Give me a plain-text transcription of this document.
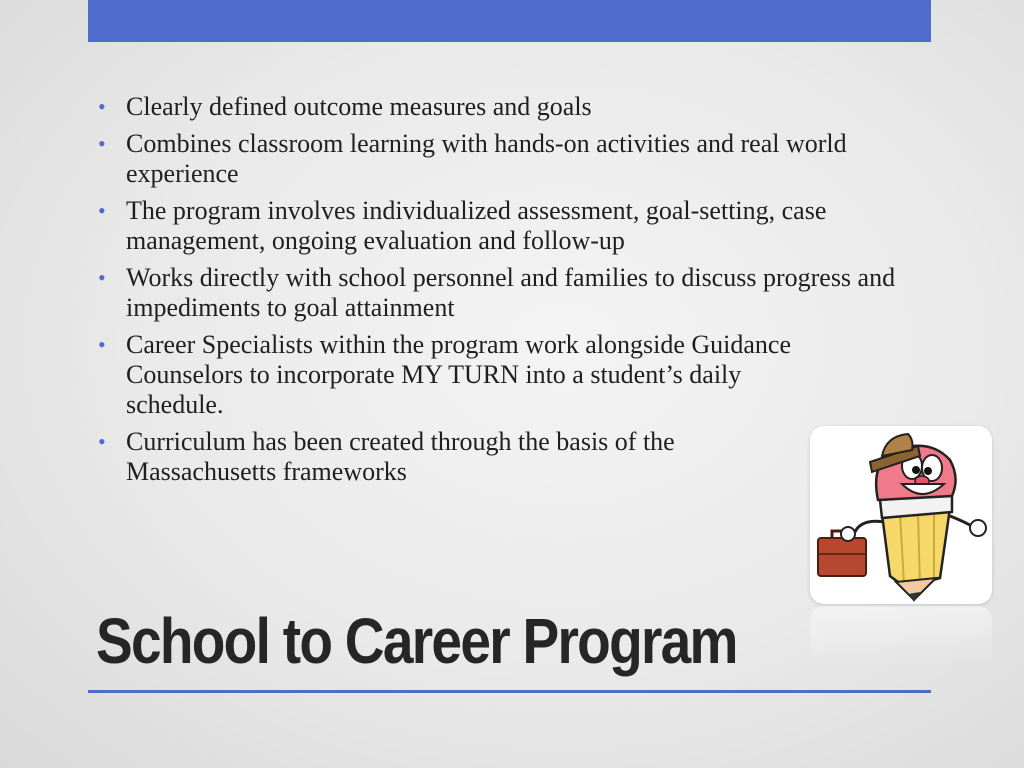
• Clearly defined outcome measures and goals
• Combines classroom learning with hands-on activities and real world experience
• The program involves individualized assessment, goal-setting, case management, ongoing evaluation and follow-up
• Works directly with school personnel and families to discuss progress and impediments to goal attainment
• Career Specialists within the program work alongside Guidance Counselors to incorporate MY TURN into a student’s daily schedule.
• Curriculum has been created through the basis of the Massachusetts frameworks
School to Career Program
